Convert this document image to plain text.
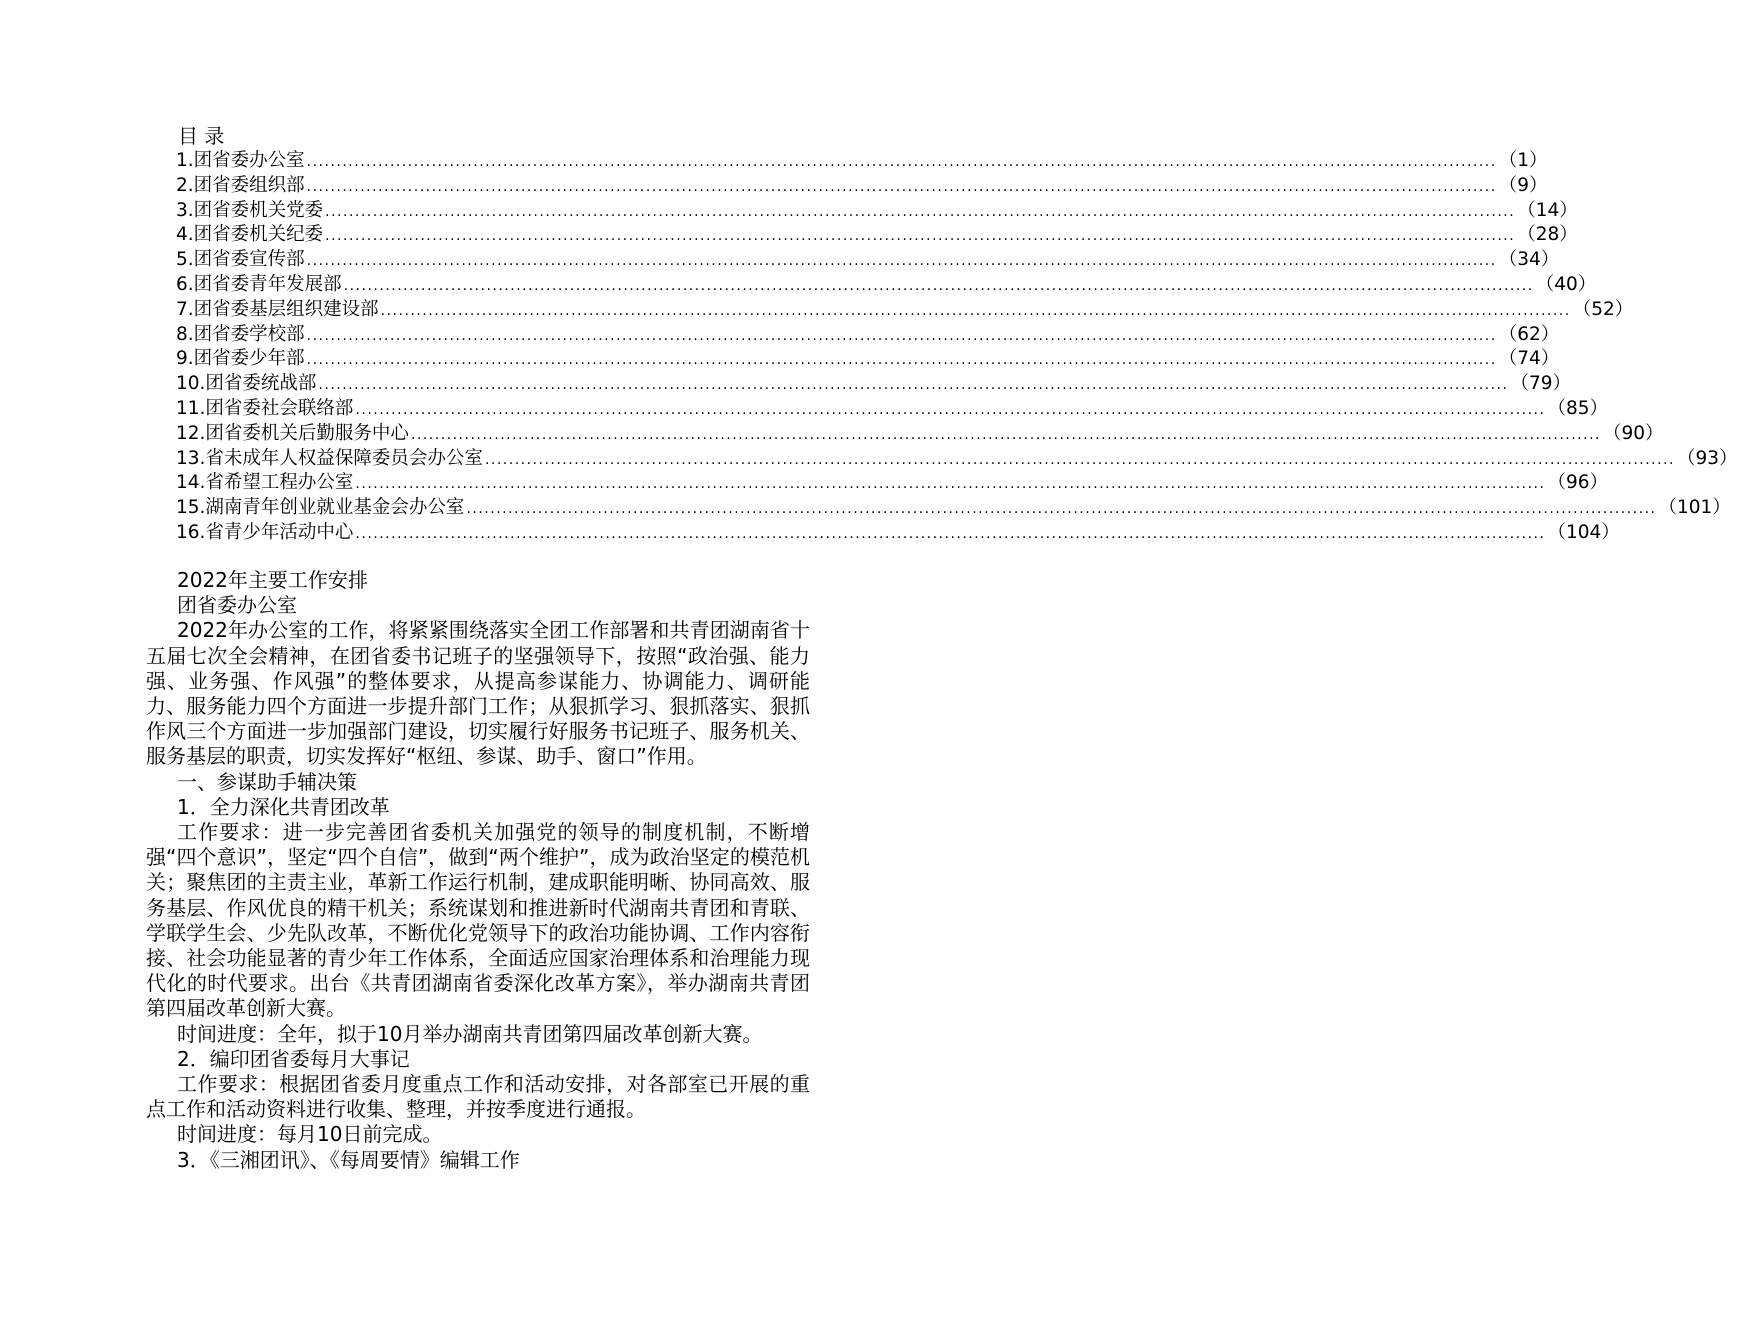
目 录
1.团省委办公室 ........................................................................................................................................................................................................ （1）
2.团省委组织部 ........................................................................................................................................................................................................ （9）
3.团省委机关党委 ........................................................................................................................................................................................................ （14）
4.团省委机关纪委 ........................................................................................................................................................................................................ （28）
5.团省委宣传部 ........................................................................................................................................................................................................ （34）
6.团省委青年发展部 ........................................................................................................................................................................................................ （40）
7.团省委基层组织建设部 ........................................................................................................................................................................................................ （52）
8.团省委学校部 ........................................................................................................................................................................................................ （62）
9.团省委少年部 ........................................................................................................................................................................................................ （74）
10.团省委统战部 ........................................................................................................................................................................................................ （79）
11.团省委社会联络部 ........................................................................................................................................................................................................ （85）
12.团省委机关后勤服务中心 ........................................................................................................................................................................................................ （90）
13.省未成年人权益保障委员会办公室 ........................................................................................................................................................................................................ （93）
14.省希望工程办公室 ........................................................................................................................................................................................................ （96）
15.湖南青年创业就业基金会办公室 ........................................................................................................................................................................................................ （101）
16.省青少年活动中心 ........................................................................................................................................................................................................ （104）

2022年主要工作安排

团省委办公室

2022年办公室的工作，将紧紧围绕落实全团工作部署和共青团湖南省十五届七次全会精神，在团省委书记班子的坚强领导下，按照“政治强、能力强、业务强、作风强”的整体要求，从提高参谋能力、协调能力、调研能力、服务能力四个方面进一步提升部门工作；从狠抓学习、狠抓落实、狠抓作风三个方面进一步加强部门建设，切实履行好服务书记班子、服务机关、服务基层的职责，切实发挥好“枢纽、参谋、助手、窗口”作用。

一、参谋助手辅决策

1．全力深化共青团改革

工作要求：进一步完善团省委机关加强党的领导的制度机制，不断增强“四个意识”，坚定“四个自信”，做到“两个维护”，成为政治坚定的模范机关；聚焦团的主责主业，革新工作运行机制，建成职能明晰、协同高效、服务基层、作风优良的精干机关；系统谋划和推进新时代湖南共青团和青联、学联学生会、少先队改革，不断优化党领导下的政治功能协调、工作内容衔接、社会功能显著的青少年工作体系，全面适应国家治理体系和治理能力现代化的时代要求。出台《共青团湖南省委深化改革方案》，举办湖南共青团第四届改革创新大赛。

时间进度：全年，拟于10月举办湖南共青团第四届改革创新大赛。

2．编印团省委每月大事记

工作要求：根据团省委月度重点工作和活动安排，对各部室已开展的重点工作和活动资料进行收集、整理，并按季度进行通报。

时间进度：每月10日前完成。

3．《三湘团讯》、《每周要情》编辑工作
